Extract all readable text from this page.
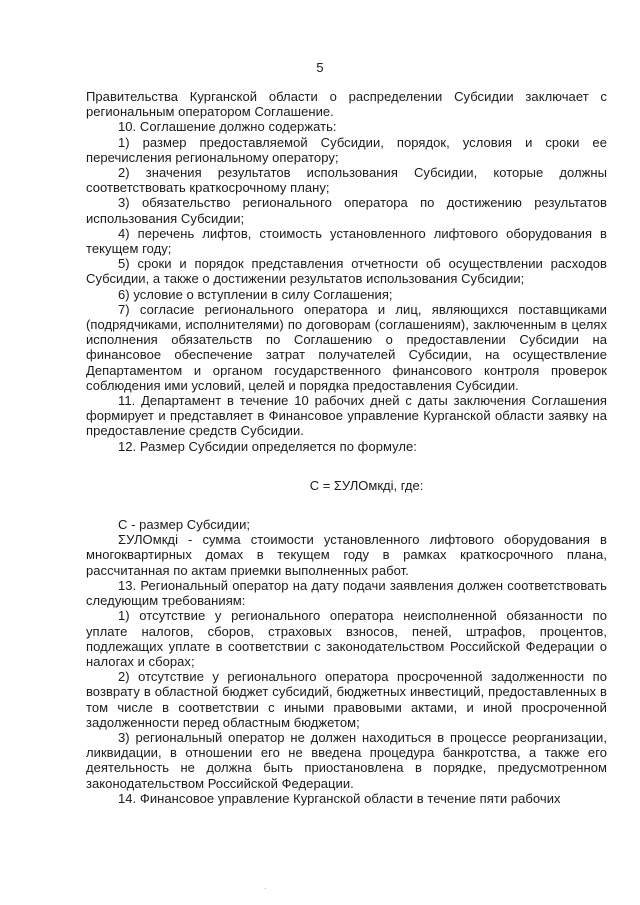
5

Правительства Курганской области о распределении Субсидии заключает с региональным оператором Соглашение.

10. Соглашение должно содержать:

1) размер предоставляемой Субсидии, порядок, условия и сроки ее перечисления региональному оператору;

2) значения результатов использования Субсидии, которые должны соответствовать краткосрочному плану;

3) обязательство регионального оператора по достижению результатов использования Субсидии;

4) перечень лифтов, стоимость установленного лифтового оборудования в текущем году;

5) сроки и порядок представления отчетности об осуществлении расходов Субсидии, а также о достижении результатов использования Субсидии;

6) условие о вступлении в силу Соглашения;

7) согласие регионального оператора и лиц, являющихся поставщиками (подрядчиками, исполнителями) по договорам (соглашениям), заключенным в целях исполнения обязательств по Соглашению о предоставлении Субсидии на финансовое обеспечение затрат получателей Субсидии, на осуществление Департаментом и органом государственного финансового контроля проверок соблюдения ими условий, целей и порядка предоставления Субсидии.

11. Департамент в течение 10 рабочих дней с даты заключения Соглашения формирует и представляет в Финансовое управление Курганской области заявку на предоставление средств Субсидии.

12. Размер Субсидии определяется по формуле:

С = ΣУЛОмкдi, где:

С - размер Субсидии;

ΣУЛОмкдi - сумма стоимости установленного лифтового оборудования в многоквартирных домах в текущем году в рамках краткосрочного плана, рассчитанная по актам приемки выполненных работ.

13. Региональный оператор на дату подачи заявления должен соответствовать следующим требованиям:

1) отсутствие у регионального оператора неисполненной обязанности по уплате налогов, сборов, страховых взносов, пеней, штрафов, процентов, подлежащих уплате в соответствии с законодательством Российской Федерации о налогах и сборах;

2) отсутствие у регионального оператора просроченной задолженности по возврату в областной бюджет субсидий, бюджетных инвестиций, предоставленных в том числе в соответствии с иными правовыми актами, и иной просроченной задолженности перед областным бюджетом;

3) региональный оператор не должен находиться в процессе реорганизации, ликвидации, в отношении его не введена процедура банкротства, а также его деятельность не должна быть приостановлена в порядке, предусмотренном законодательством Российской Федерации.

14. Финансовое управление Курганской области в течение пяти рабочих

·
